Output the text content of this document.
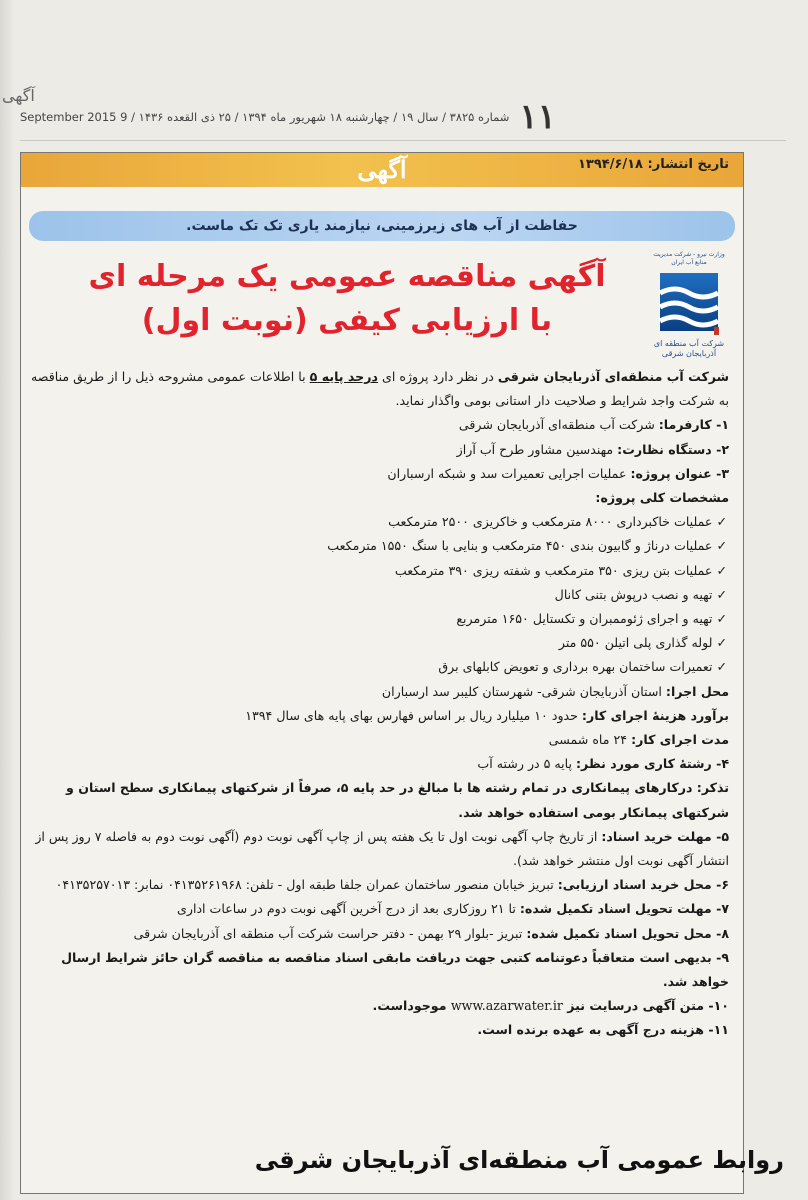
آگهی
۱۱
شماره ۳۸۲۵ / سال ۱۹ / چهارشنبه ۱۸ شهریور ماه ۱۳۹۴ / ۲۵ ذی القعده ۱۴۳۶ / 9 September 2015
آگهی	تاریخ انتشار: ۱۳۹۴/۶/۱۸
حفاظت از آب های زیرزمینی، نیازمند یاری تک تک ماست.
وزارت نیرو - شرکت مدیریت منابع آب ایران
شرکت آب منطقه ای آذربایجان شرقی
آگهی مناقصه عمومی یک مرحله ای
با ارزیابی کیفی (نوبت اول)

شرکت آب منطقه‌ای آذربایجان شرقی در نظر دارد پروژه ای درحد پایه ۵ با اطلاعات عمومی مشروحه ذیل را از طریق مناقصه به شرکت واجد شرایط و صلاحیت دار استانی بومی واگذار نماید.

۱- کارفرما: شرکت آب منطقه‌ای آذربایجان شرقی

۲- دستگاه نظارت: مهندسین مشاور طرح آب آراز

۳- عنوان پروژه: عملیات اجرایی تعمیرات سد و شبکه ارسباران

مشخصات کلی پروژه:

✓عملیات خاکبرداری ۸۰۰۰ مترمکعب و خاکریزی ۲۵۰۰ مترمکعب

✓عملیات درناژ و گابیون بندی ۴۵۰ مترمکعب و بنایی با سنگ ۱۵۵۰ مترمکعب

✓عملیات بتن ریزی ۳۵۰ مترمکعب و شفته ریزی ۳۹۰ مترمکعب

✓تهیه و نصب درپوش بتنی کانال

✓تهیه و اجرای ژئوممبران و تکستایل ۱۶۵۰ مترمربع

✓لوله گذاری پلی اتیلن ۵۵۰ متر

✓تعمیرات ساختمان بهره برداری و تعویض کابلهای برق

محل اجرا: استان آذربایجان شرقی- شهرستان کلیبر سد ارسباران

برآورد هزینهٔ اجرای کار: حدود ۱۰ میلیارد ریال بر اساس فهارس بهای پایه های سال ۱۳۹۴

مدت اجرای کار: ۲۴ ماه شمسی

۴- رشتهٔ کاری مورد نظر: پایه ۵ در رشته آب

تذکر: درکارهای پیمانکاری در تمام رشته ها با مبالغ در حد پایه ۵، صرفاً از شرکتهای پیمانکاری سطح استان و شرکتهای پیمانکار بومی استفاده خواهد شد.

۵- مهلت خرید اسناد: از تاریخ چاپ آگهی نوبت اول تا یک هفته پس از چاپ آگهی نوبت دوم (آگهی نوبت دوم به فاصله ۷ روز پس از انتشار آگهی نوبت اول منتشر خواهد شد).

۶- محل خرید اسناد ارزیابی: تبریز خیابان منصور ساختمان عمران جلفا طبقه اول - تلفن: ۰۴۱۳۵۲۶۱۹۶۸ نمابر: ۰۴۱۳۵۲۵۷۰۱۳

۷- مهلت تحویل اسناد تکمیل شده: تا ۲۱ روزکاری بعد از درج آخرین آگهی نوبت دوم در ساعات اداری

۸- محل تحویل اسناد تکمیل شده: تبریز -بلوار ۲۹ بهمن - دفتر حراست شرکت آب منطقه ای آذربایجان شرقی

۹- بدیهی است متعاقباً دعوتنامه کتبی جهت دریافت مابقی اسناد مناقصه به مناقصه گران حائز شرایط ارسال خواهد شد.

۱۰- متن آگهی درسایت نیز www.azarwater.ir موجوداست.

۱۱- هزینه درج آگهی به عهده برنده است.

روابط عمومی آب منطقه‌ای آذربایجان شرقی
